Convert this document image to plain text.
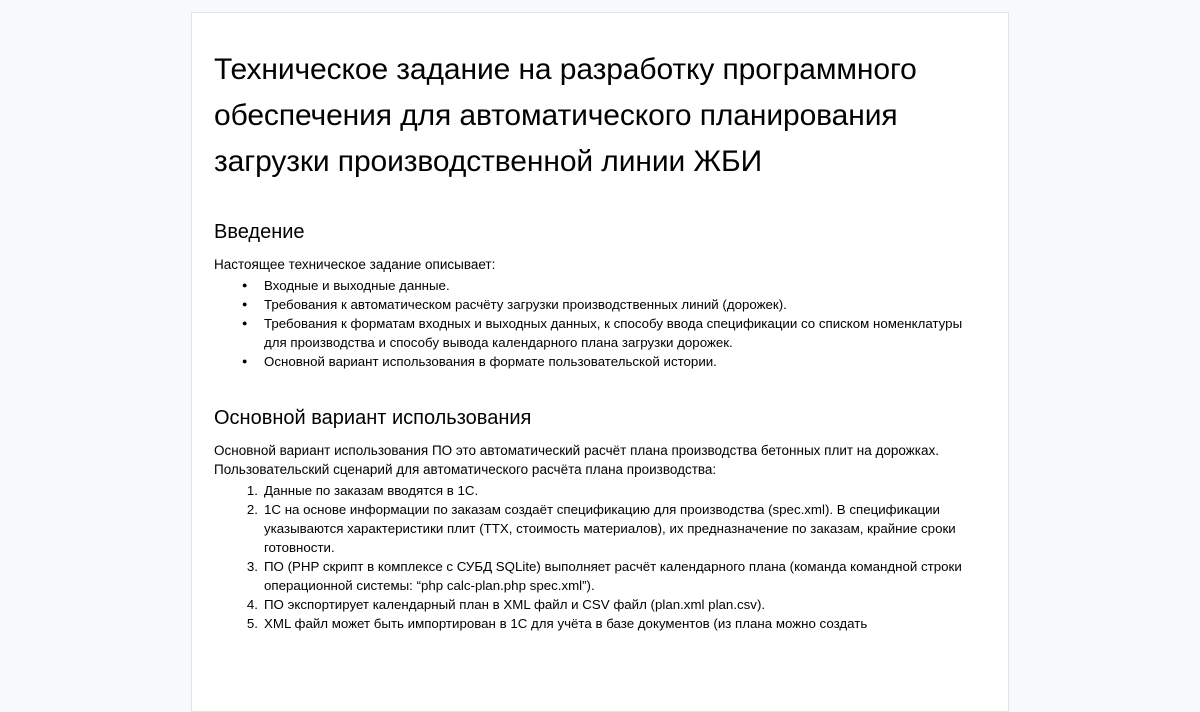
Техническое задание на разработку программного обеспечения для автоматического планирования загрузки производственной линии ЖБИ
Введение

Настоящее техническое задание описывает:

● Входные и выходные данные.
● Требования к автоматическом расчёту загрузки производственных линий (дорожек).
● Требования к форматам входных и выходных данных, к способу ввода спецификации со списком номенклатуры для производства и способу вывода календарного плана загрузки дорожек.
● Основной вариант использования в формате пользовательской истории.
Основной вариант использования

Основной вариант использования ПО это автоматический расчёт плана производства бетонных плит на дорожках.

Пользовательский сценарий для автоматического расчёта плана производства:

Данные по заказам вводятся в 1С.
1С на основе информации по заказам создаёт спецификацию для производства (spec.xml). В спецификации указываются характеристики плит (ТТХ, стоимость материалов), их предназначение по заказам, крайние сроки готовности.
ПО (PHP скрипт в комплексе с СУБД SQLite) выполняет расчёт календарного плана (команда командной строки операционной системы: “php calc-plan.php spec.xml”).
ПО экспортирует календарный план в XML файл и CSV файл (plan.xml plan.csv).
XML файл может быть импортирован в 1С для учёта в базе документов (из плана можно создать
